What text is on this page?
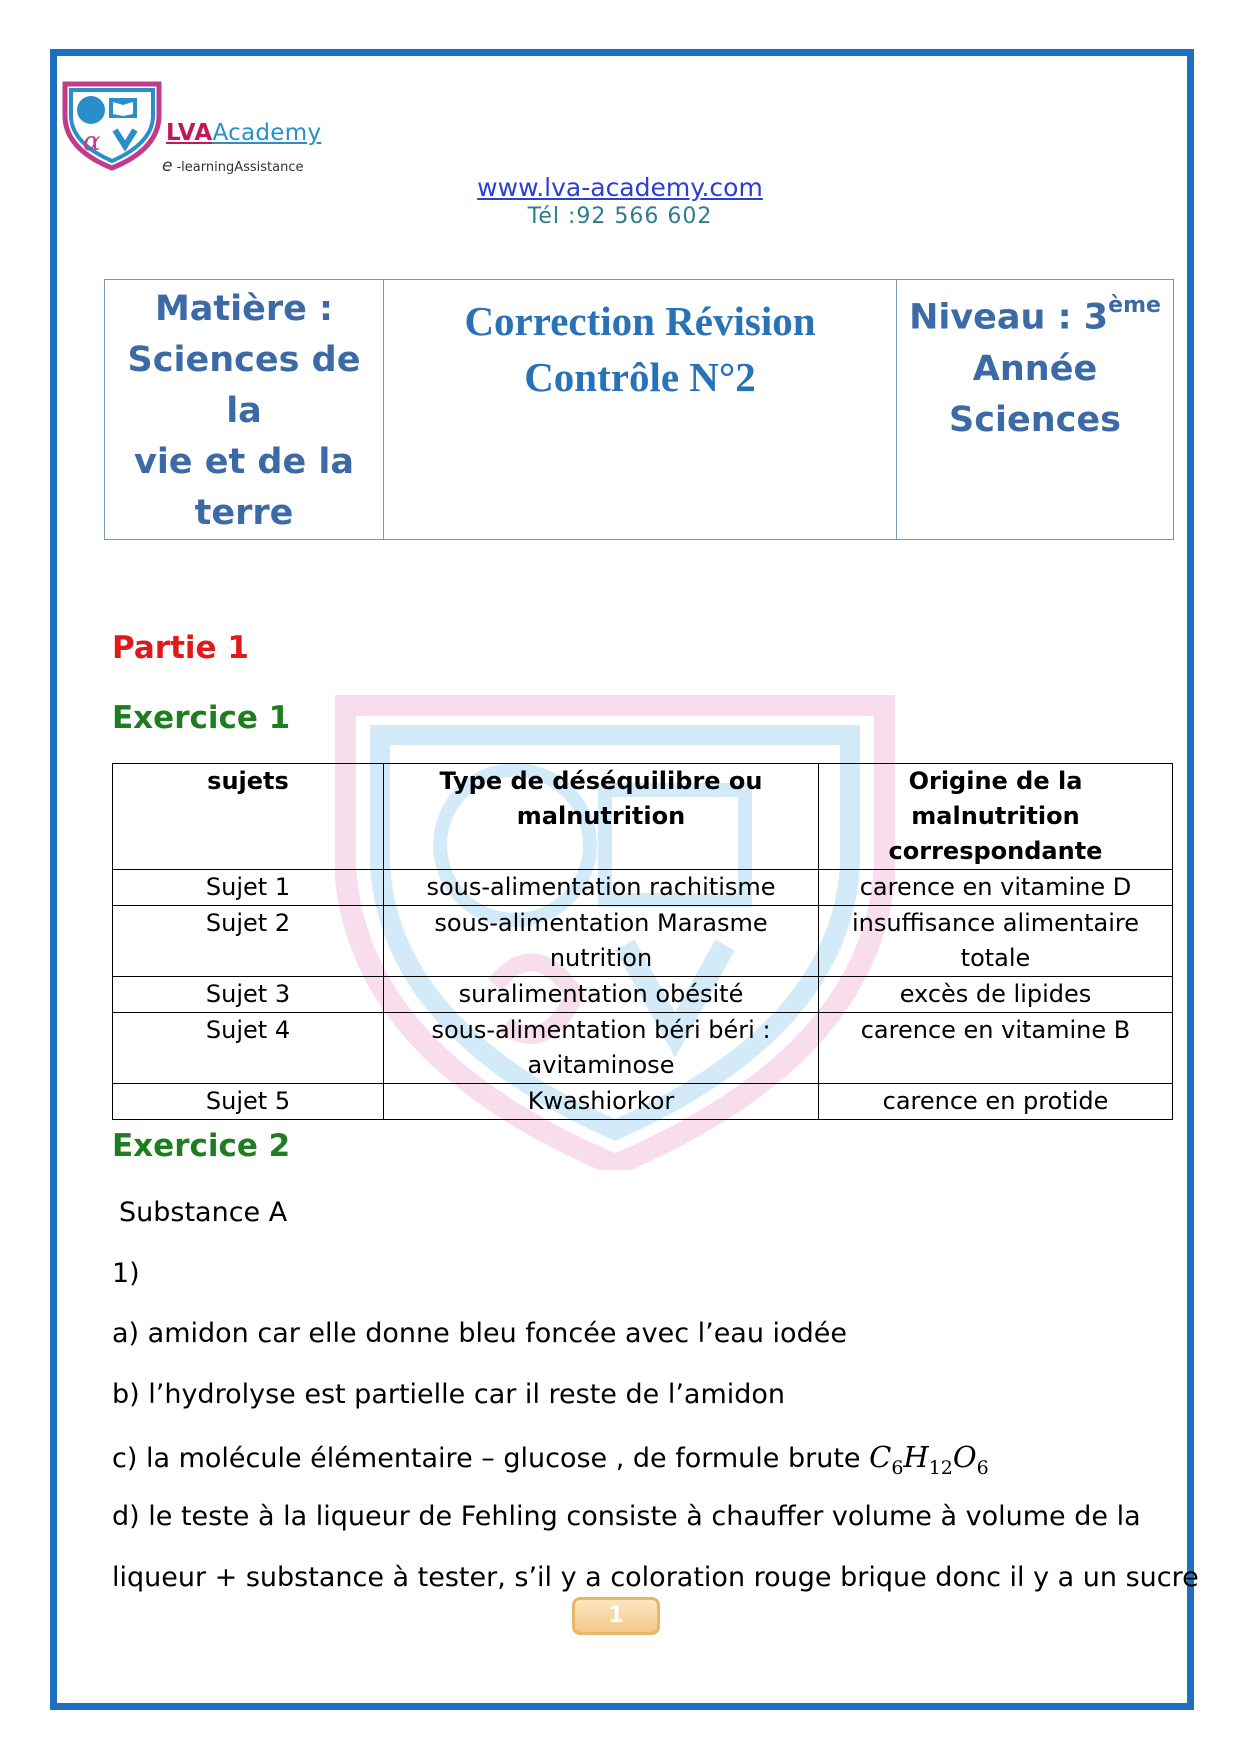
α	LVAAcademy
e -learningAssistance
www.lva-academy.com
Tél :92 566 602
Matière :
Sciences de la
vie et de la
terre

Correction Révision
Contrôle N°2

Niveau : 3ème
Année
Sciences
Partie 1
Exercice 1
sujets	Type de déséquilibre ou malnutrition	Origine de la malnutrition correspondante
Sujet 1	sous-alimentation rachitisme	carence en vitamine D
Sujet 2	sous-alimentation Marasme nutrition	insuffisance alimentaire totale
Sujet 3	suralimentation obésité	excès de lipides
Sujet 4	sous-alimentation béri béri : avitaminose	carence en vitamine B
Sujet 5	Kwashiorkor	carence en protide
Exercice 2
Substance A
1)
a) amidon car elle donne bleu foncée avec l’eau iodée
b) l’hydrolyse est partielle car il reste de l’amidon
c) la molécule élémentaire – glucose , de formule brute $C_6H_{12}O_6$
d) le teste à la liqueur de Fehling consiste à chauffer volume à volume de la
liqueur + substance à tester, s’il y a coloration rouge brique donc il y a un sucre
1
